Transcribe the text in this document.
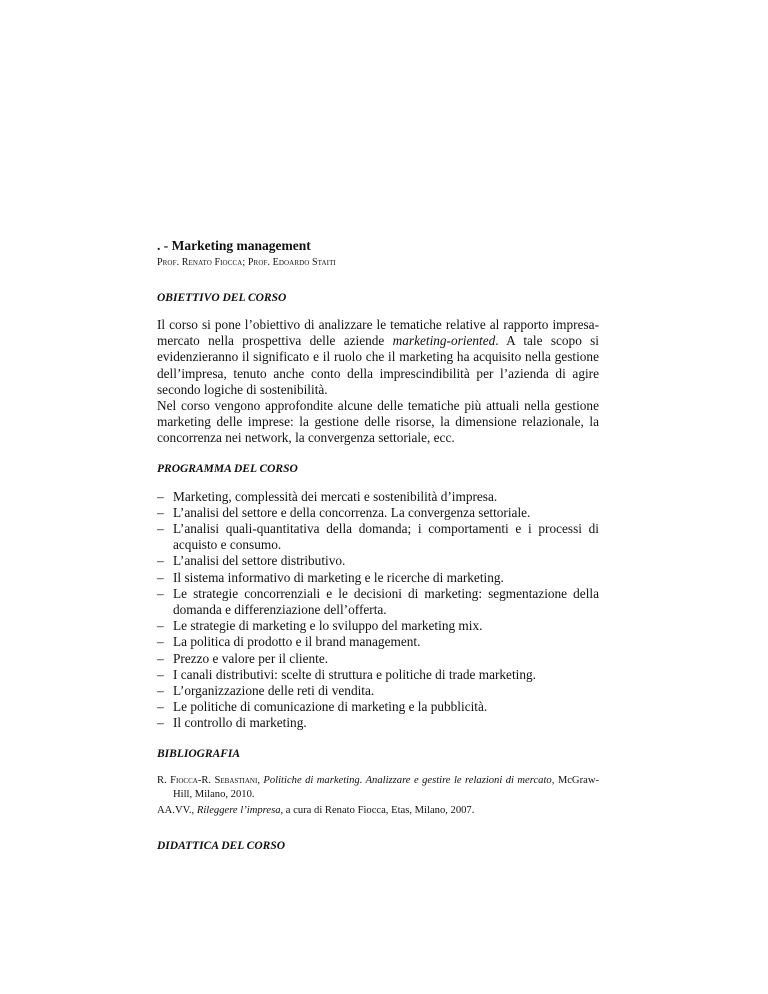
. - Marketing management

Prof. Renato Fiocca; Prof. Edoardo Staiti

OBIETTIVO DEL CORSO

Il corso si pone l’obiettivo di analizzare le tematiche relative al rapporto impresa-mercato nella prospettiva delle aziende marketing-oriented. A tale scopo si evidenzieranno il significato e il ruolo che il marketing ha acquisito nella gestione dell’impresa, tenuto anche conto della imprescindibilità per l’azienda di agire secondo logiche di sostenibilità.

Nel corso vengono approfondite alcune delle tematiche più attuali nella gestione marketing delle imprese: la gestione delle risorse, la dimensione relazionale, la concorrenza nei network, la convergenza settoriale, ecc.

PROGRAMMA DEL CORSO

– Marketing, complessità dei mercati e sostenibilità d’impresa.
– L’analisi del settore e della concorrenza. La convergenza settoriale.
– L’analisi quali-quantitativa della domanda; i comportamenti e i processi di acquisto e consumo.
– L’analisi del settore distributivo.
– Il sistema informativo di marketing e le ricerche di marketing.
– Le strategie concorrenziali e le decisioni di marketing: segmentazione della domanda e differenziazione dell’offerta.
– Le strategie di marketing e lo sviluppo del marketing mix.
– La politica di prodotto e il brand management.
– Prezzo e valore per il cliente.
– I canali distributivi: scelte di struttura e politiche di trade marketing.
– L’organizzazione delle reti di vendita.
– Le politiche di comunicazione di marketing e la pubblicità.
– Il controllo di marketing.

BIBLIOGRAFIA

R. Fiocca-R. Sebastiani, Politiche di marketing. Analizzare e gestire le relazioni di mercato, McGraw-Hill, Milano, 2010.

AA.VV., Rileggere l’impresa, a cura di Renato Fiocca, Etas, Milano, 2007.

DIDATTICA DEL CORSO
